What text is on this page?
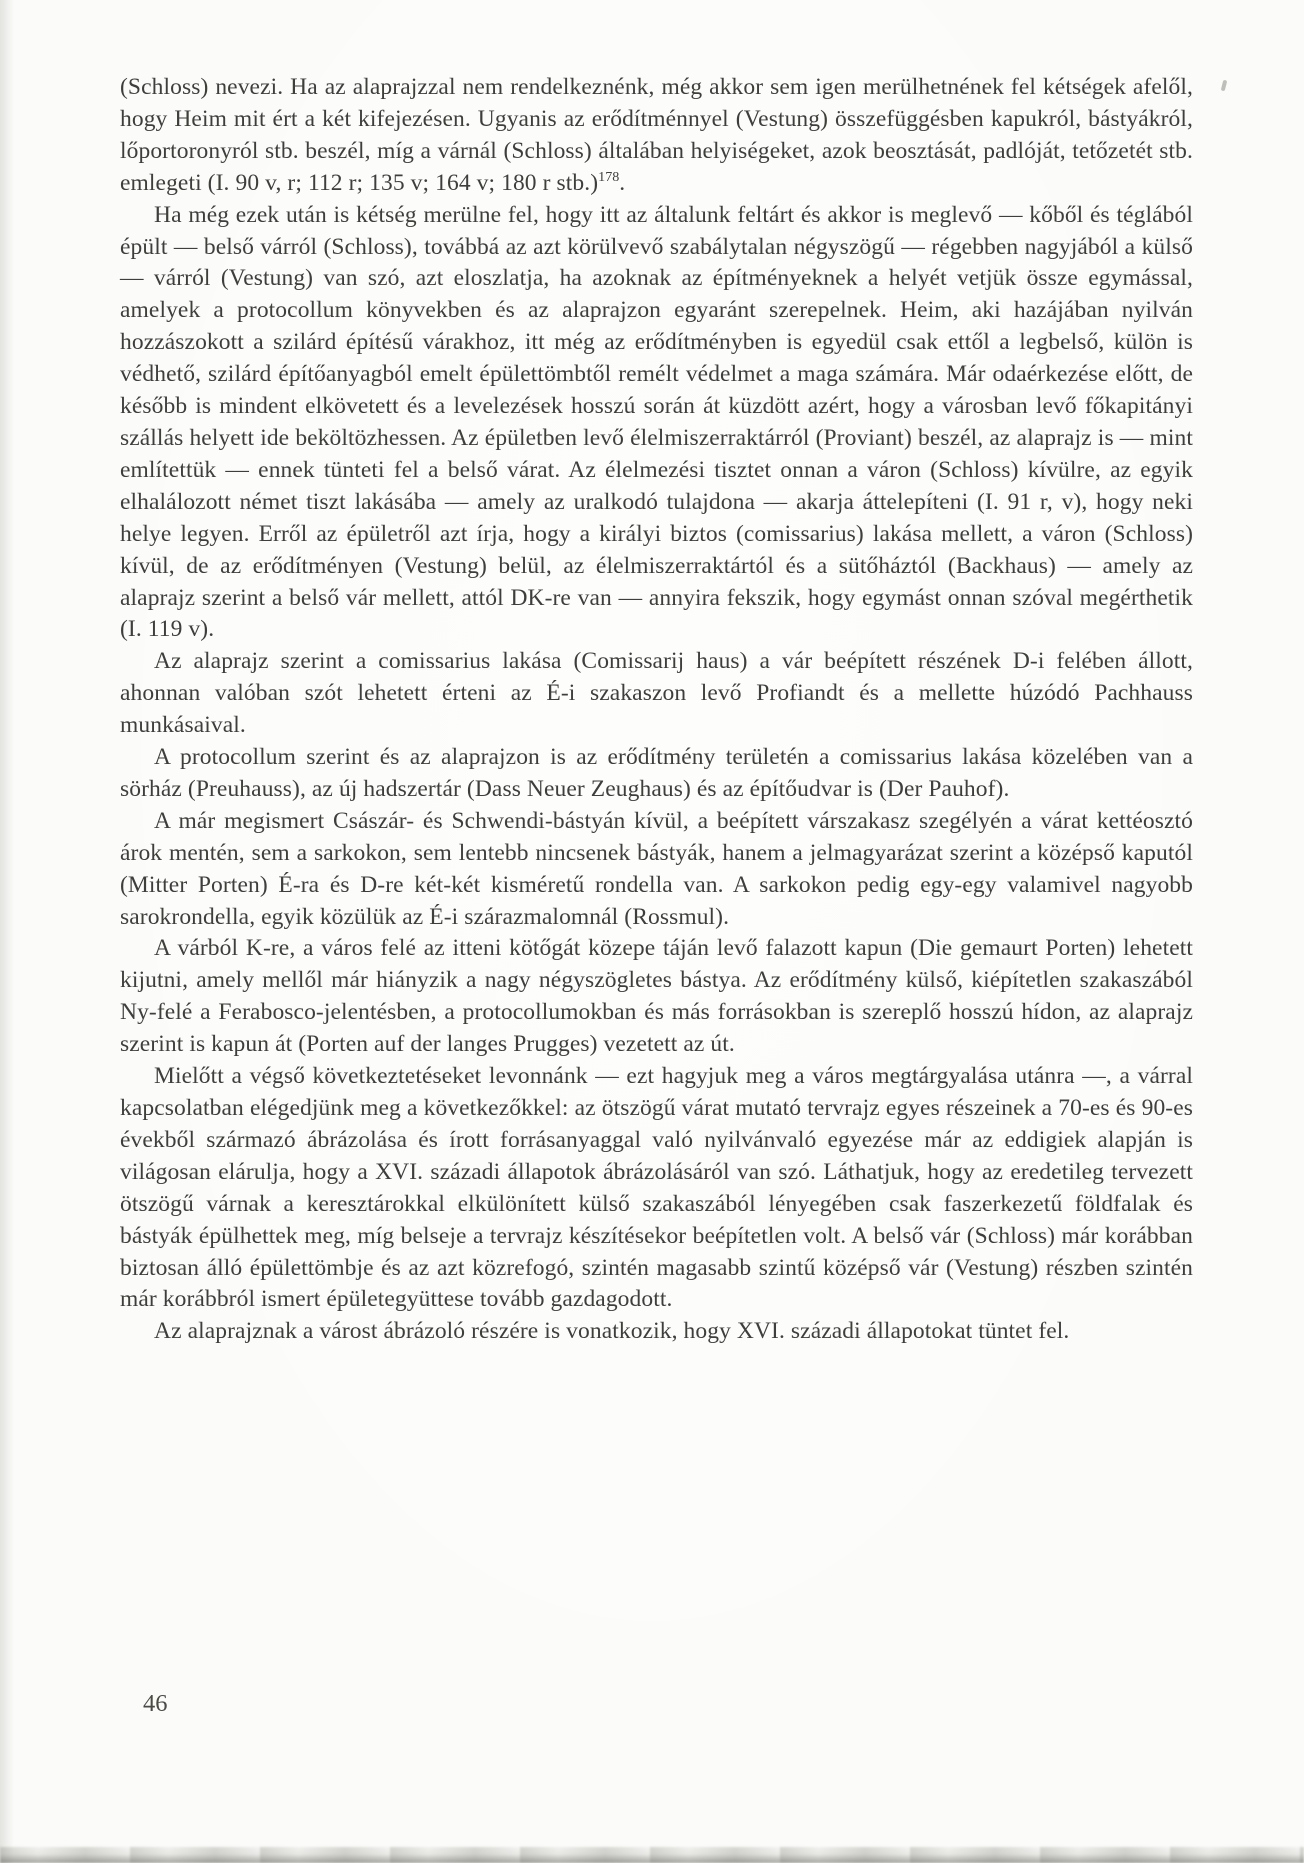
(Schloss) nevezi. Ha az alaprajzzal nem rendelkeznénk, még akkor sem igen merülhetnének fel kétségek afelől, hogy Heim mit ért a két kifejezésen. Ugyanis az erődítménnyel (Vestung) összefüggésben kapukról, bástyákról, lőportoronyról stb. beszél, míg a várnál (Schloss) általában helyiségeket, azok beosztását, padlóját, tetőzetét stb. emlegeti (I. 90 v, r; 112 r; 135 v; 164 v; 180 r stb.)$^{178}$.

Ha még ezek után is kétség merülne fel, hogy itt az általunk feltárt és akkor is meglevő — kőből és téglából épült — belső várról (Schloss), továbbá az azt körülvevő szabálytalan négyszögű — régebben nagyjából a külső — várról (Vestung) van szó, azt eloszlatja, ha azoknak az építményeknek a helyét vetjük össze egymással, amelyek a protocollum könyvekben és az alaprajzon egyaránt szerepelnek. Heim, aki hazájában nyilván hozzászokott a szilárd építésű várakhoz, itt még az erődítményben is egyedül csak ettől a legbelső, külön is védhető, szilárd építőanyagból emelt épülettömbtől remélt védelmet a maga számára. Már odaérkezése előtt, de később is mindent elkövetett és a levelezések hosszú során át küzdött azért, hogy a városban levő főkapitányi szállás helyett ide beköltözhessen. Az épületben levő élelmiszerraktárról (Proviant) beszél, az alaprajz is — mint említettük — ennek tünteti fel a belső várat. Az élelmezési tisztet onnan a váron (Schloss) kívülre, az egyik elhalálozott német tiszt lakásába — amely az uralkodó tulajdona — akarja áttelepíteni (I. 91 r, v), hogy neki helye legyen. Erről az épületről azt írja, hogy a királyi biztos (comissarius) lakása mellett, a váron (Schloss) kívül, de az erődítményen (Vestung) belül, az élelmiszerraktártól és a sütőháztól (Backhaus) — amely az alaprajz szerint a belső vár mellett, attól DK-re van — annyira fekszik, hogy egymást onnan szóval megérthetik (I. 119 v).

Az alaprajz szerint a comissarius lakása (Comissarij haus) a vár beépített részének D-i felében állott, ahonnan valóban szót lehetett érteni az É-i szakaszon levő Profiandt és a mellette húzódó Pachhauss munkásaival.

A protocollum szerint és az alaprajzon is az erődítmény területén a comissarius lakása közelében van a sörház (Preuhauss), az új hadszertár (Dass Neuer Zeughaus) és az építőudvar is (Der Pauhof).

A már megismert Császár- és Schwendi-bástyán kívül, a beépített várszakasz szegélyén a várat kettéosztó árok mentén, sem a sarkokon, sem lentebb nincsenek bástyák, hanem a jelmagyarázat szerint a középső kaputól (Mitter Porten) É-ra és D-re két-két kisméretű rondella van. A sarkokon pedig egy-egy valamivel nagyobb sarokrondella, egyik közülük az É-i szárazmalomnál (Rossmul).

A várból K-re, a város felé az itteni kötőgát közepe táján levő falazott kapun (Die gemaurt Porten) lehetett kijutni, amely mellől már hiányzik a nagy négyszögletes bástya. Az erődítmény külső, kiépítetlen szakaszából Ny-felé a Ferabosco-jelentésben, a protocollumokban és más forrásokban is szereplő hosszú hídon, az alaprajz szerint is kapun át (Porten auf der langes Prugges) vezetett az út.

Mielőtt a végső következtetéseket levonnánk — ezt hagyjuk meg a város megtárgyalása utánra —, a várral kapcsolatban elégedjünk meg a következőkkel: az ötszögű várat mutató tervrajz egyes részeinek a 70-es és 90-es évekből származó ábrázolása és írott forrásanyaggal való nyilvánvaló egyezése már az eddigiek alapján is világosan elárulja, hogy a XVI. századi állapotok ábrázolásáról van szó. Láthatjuk, hogy az eredetileg tervezett ötszögű várnak a keresztárokkal elkülönített külső szakaszából lényegében csak faszerkezetű földfalak és bástyák épülhettek meg, míg belseje a tervrajz készítésekor beépítetlen volt. A belső vár (Schloss) már korábban biztosan álló épülettömbje és az azt közrefogó, szintén magasabb szintű középső vár (Vestung) részben szintén már korábbról ismert épületegyüttese tovább gazdagodott.

Az alaprajznak a várost ábrázoló részére is vonatkozik, hogy XVI. századi állapotokat tüntet fel.

46
